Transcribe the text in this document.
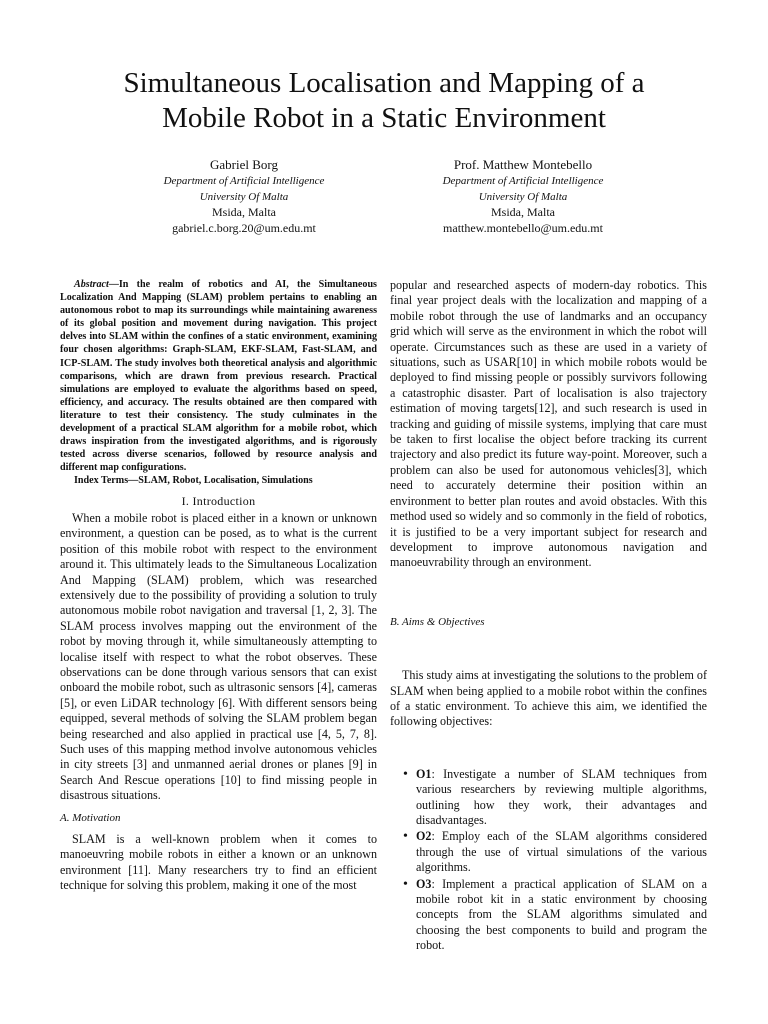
Simultaneous Localisation and Mapping of a
Mobile Robot in a Static Environment
Gabriel Borg
Department of Artificial Intelligence
University Of Malta
Msida, Malta
gabriel.c.borg.20@um.edu.mt
Prof. Matthew Montebello
Department of Artificial Intelligence
University Of Malta
Msida, Malta
matthew.montebello@um.edu.mt

Abstract—In the realm of robotics and AI, the Simultaneous Localization And Mapping (SLAM) problem pertains to enabling an autonomous robot to map its surroundings while maintaining awareness of its global position and movement during navigation. This project delves into SLAM within the confines of a static environment, examining four chosen algorithms: Graph-SLAM, EKF-SLAM, Fast-SLAM, and ICP-SLAM. The study involves both theoretical analysis and algorithmic comparisons, which are drawn from previous research. Practical simulations are employed to evaluate the algorithms based on speed, efficiency, and accuracy. The results obtained are then compared with literature to test their consistency. The study culminates in the development of a practical SLAM algorithm for a mobile robot, which draws inspiration from the investigated algorithms, and is rigorously tested across diverse scenarios, followed by resource analysis and different map configurations.

Index Terms—SLAM, Robot, Localisation, Simulations

I. Introduction

When a mobile robot is placed either in a known or unknown environment, a question can be posed, as to what is the current position of this mobile robot with respect to the environment around it. This ultimately leads to the Simultaneous Localization And Mapping (SLAM) problem, which was researched extensively due to the possibility of providing a solution to truly autonomous mobile robot navigation and traversal [1, 2, 3]. The SLAM process involves mapping out the environment of the robot by moving through it, while simultaneously attempting to localise itself with respect to what the robot observes. These observations can be done through various sensors that can exist onboard the mobile robot, such as ultrasonic sensors [4], cameras [5], or even LiDAR technology [6]. With different sensors being equipped, several methods of solving the SLAM problem began being researched and also applied in practical use [4, 5, 7, 8]. Such uses of this mapping method involve autonomous vehicles in city streets [3] and unmanned aerial drones or planes [9] in Search And Rescue operations [10] to find missing people in disastrous situations.

A. Motivation

SLAM is a well-known problem when it comes to manoeuvring mobile robots in either a known or an unknown environment [11]. Many researchers try to find an efficient technique for solving this problem, making it one of the most

popular and researched aspects of modern-day robotics. This final year project deals with the localization and mapping of a mobile robot through the use of landmarks and an occupancy grid which will serve as the environment in which the robot will operate. Circumstances such as these are used in a variety of situations, such as USAR[10] in which mobile robots would be deployed to find missing people or possibly survivors following a catastrophic disaster. Part of localisation is also trajectory estimation of moving targets[12], and such research is used in tracking and guiding of missile systems, implying that care must be taken to first localise the object before tracking its current trajectory and also predict its future way-point. Moreover, such a problem can also be used for autonomous vehicles[3], which need to accurately determine their position within an environment to better plan routes and avoid obstacles. With this method used so widely and so commonly in the field of robotics, it is justified to be a very important subject for research and development to improve autonomous navigation and manoeuvrability through an environment.

B. Aims & Objectives

This study aims at investigating the solutions to the problem of SLAM when being applied to a mobile robot within the confines of a static environment. To achieve this aim, we identified the following objectives:

• O1: Investigate a number of SLAM techniques from various researchers by reviewing multiple algorithms, outlining how they work, their advantages and disadvantages.
• O2: Employ each of the SLAM algorithms considered through the use of virtual simulations of the various algorithms.
• O3: Implement a practical application of SLAM on a mobile robot kit in a static environment by choosing concepts from the SLAM algorithms simulated and choosing the best components to build and program the robot.
